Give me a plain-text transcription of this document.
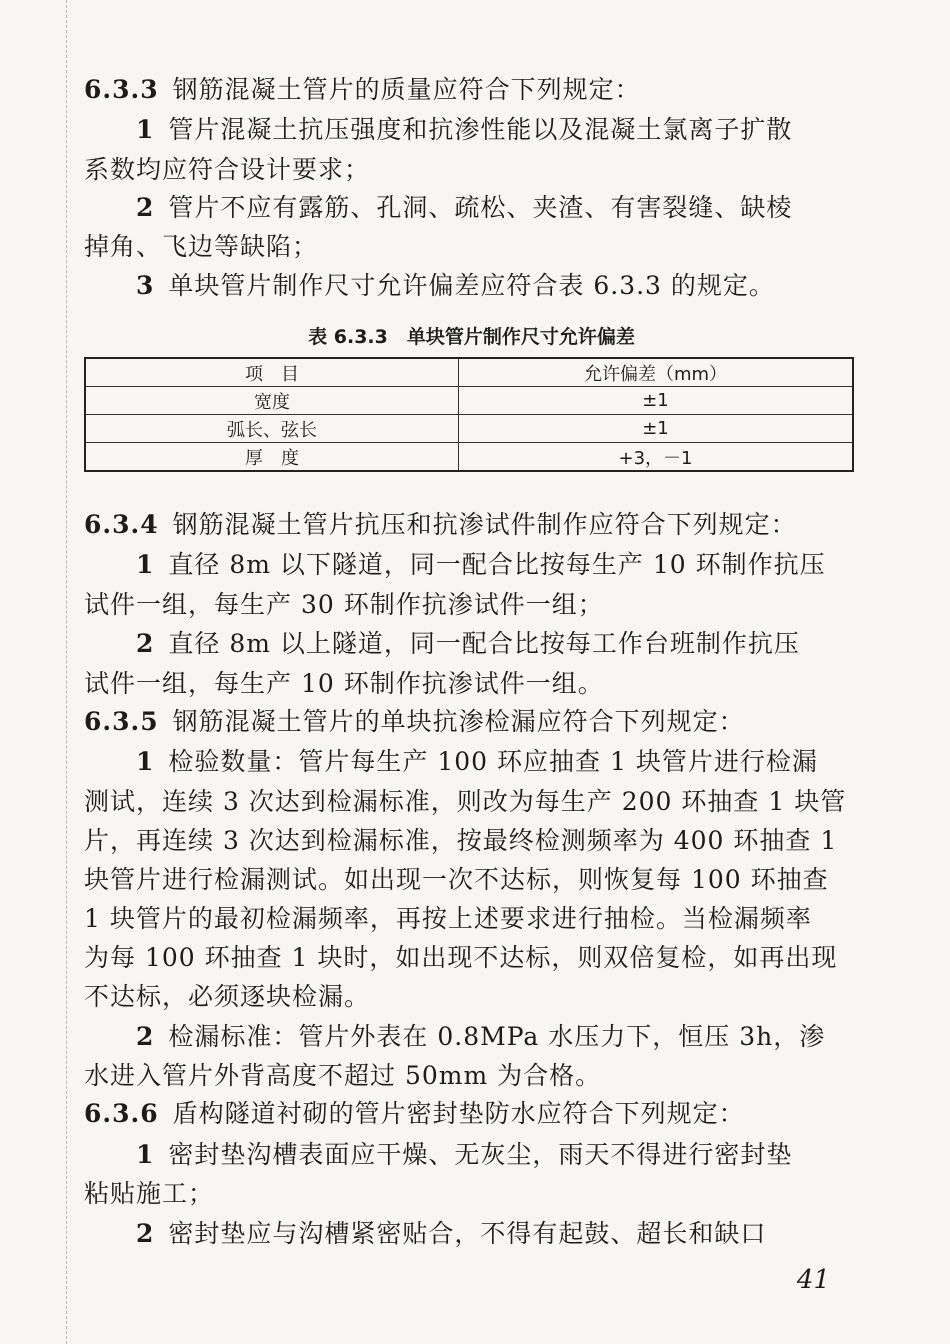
6.3.3 钢筋混凝土管片的质量应符合下列规定：
1 管片混凝土抗压强度和抗渗性能以及混凝土氯离子扩散
系数均应符合设计要求；
2 管片不应有露筋、孔洞、疏松、夹渣、有害裂缝、缺棱
掉角、飞边等缺陷；
3 单块管片制作尺寸允许偏差应符合表 6.3.3 的规定。
表 6.3.3　单块管片制作尺寸允许偏差
项　目	允许偏差（mm）
宽度	±1
弧长、弦长	±1
厚　度	+3，－1
6.3.4 钢筋混凝土管片抗压和抗渗试件制作应符合下列规定：
1 直径 8m 以下隧道，同一配合比按每生产 10 环制作抗压
试件一组，每生产 30 环制作抗渗试件一组；
2 直径 8m 以上隧道，同一配合比按每工作台班制作抗压
试件一组，每生产 10 环制作抗渗试件一组。
6.3.5 钢筋混凝土管片的单块抗渗检漏应符合下列规定：
1 检验数量：管片每生产 100 环应抽查 1 块管片进行检漏
测试，连续 3 次达到检漏标准，则改为每生产 200 环抽查 1 块管
片，再连续 3 次达到检漏标准，按最终检测频率为 400 环抽查 1
块管片进行检漏测试。如出现一次不达标，则恢复每 100 环抽查
1 块管片的最初检漏频率，再按上述要求进行抽检。当检漏频率
为每 100 环抽查 1 块时，如出现不达标，则双倍复检，如再出现
不达标，必须逐块检漏。
2 检漏标准：管片外表在 0.8MPa 水压力下，恒压 3h，渗
水进入管片外背高度不超过 50mm 为合格。
6.3.6 盾构隧道衬砌的管片密封垫防水应符合下列规定：
1 密封垫沟槽表面应干燥、无灰尘，雨天不得进行密封垫
粘贴施工；
2 密封垫应与沟槽紧密贴合，不得有起鼓、超长和缺口
41
